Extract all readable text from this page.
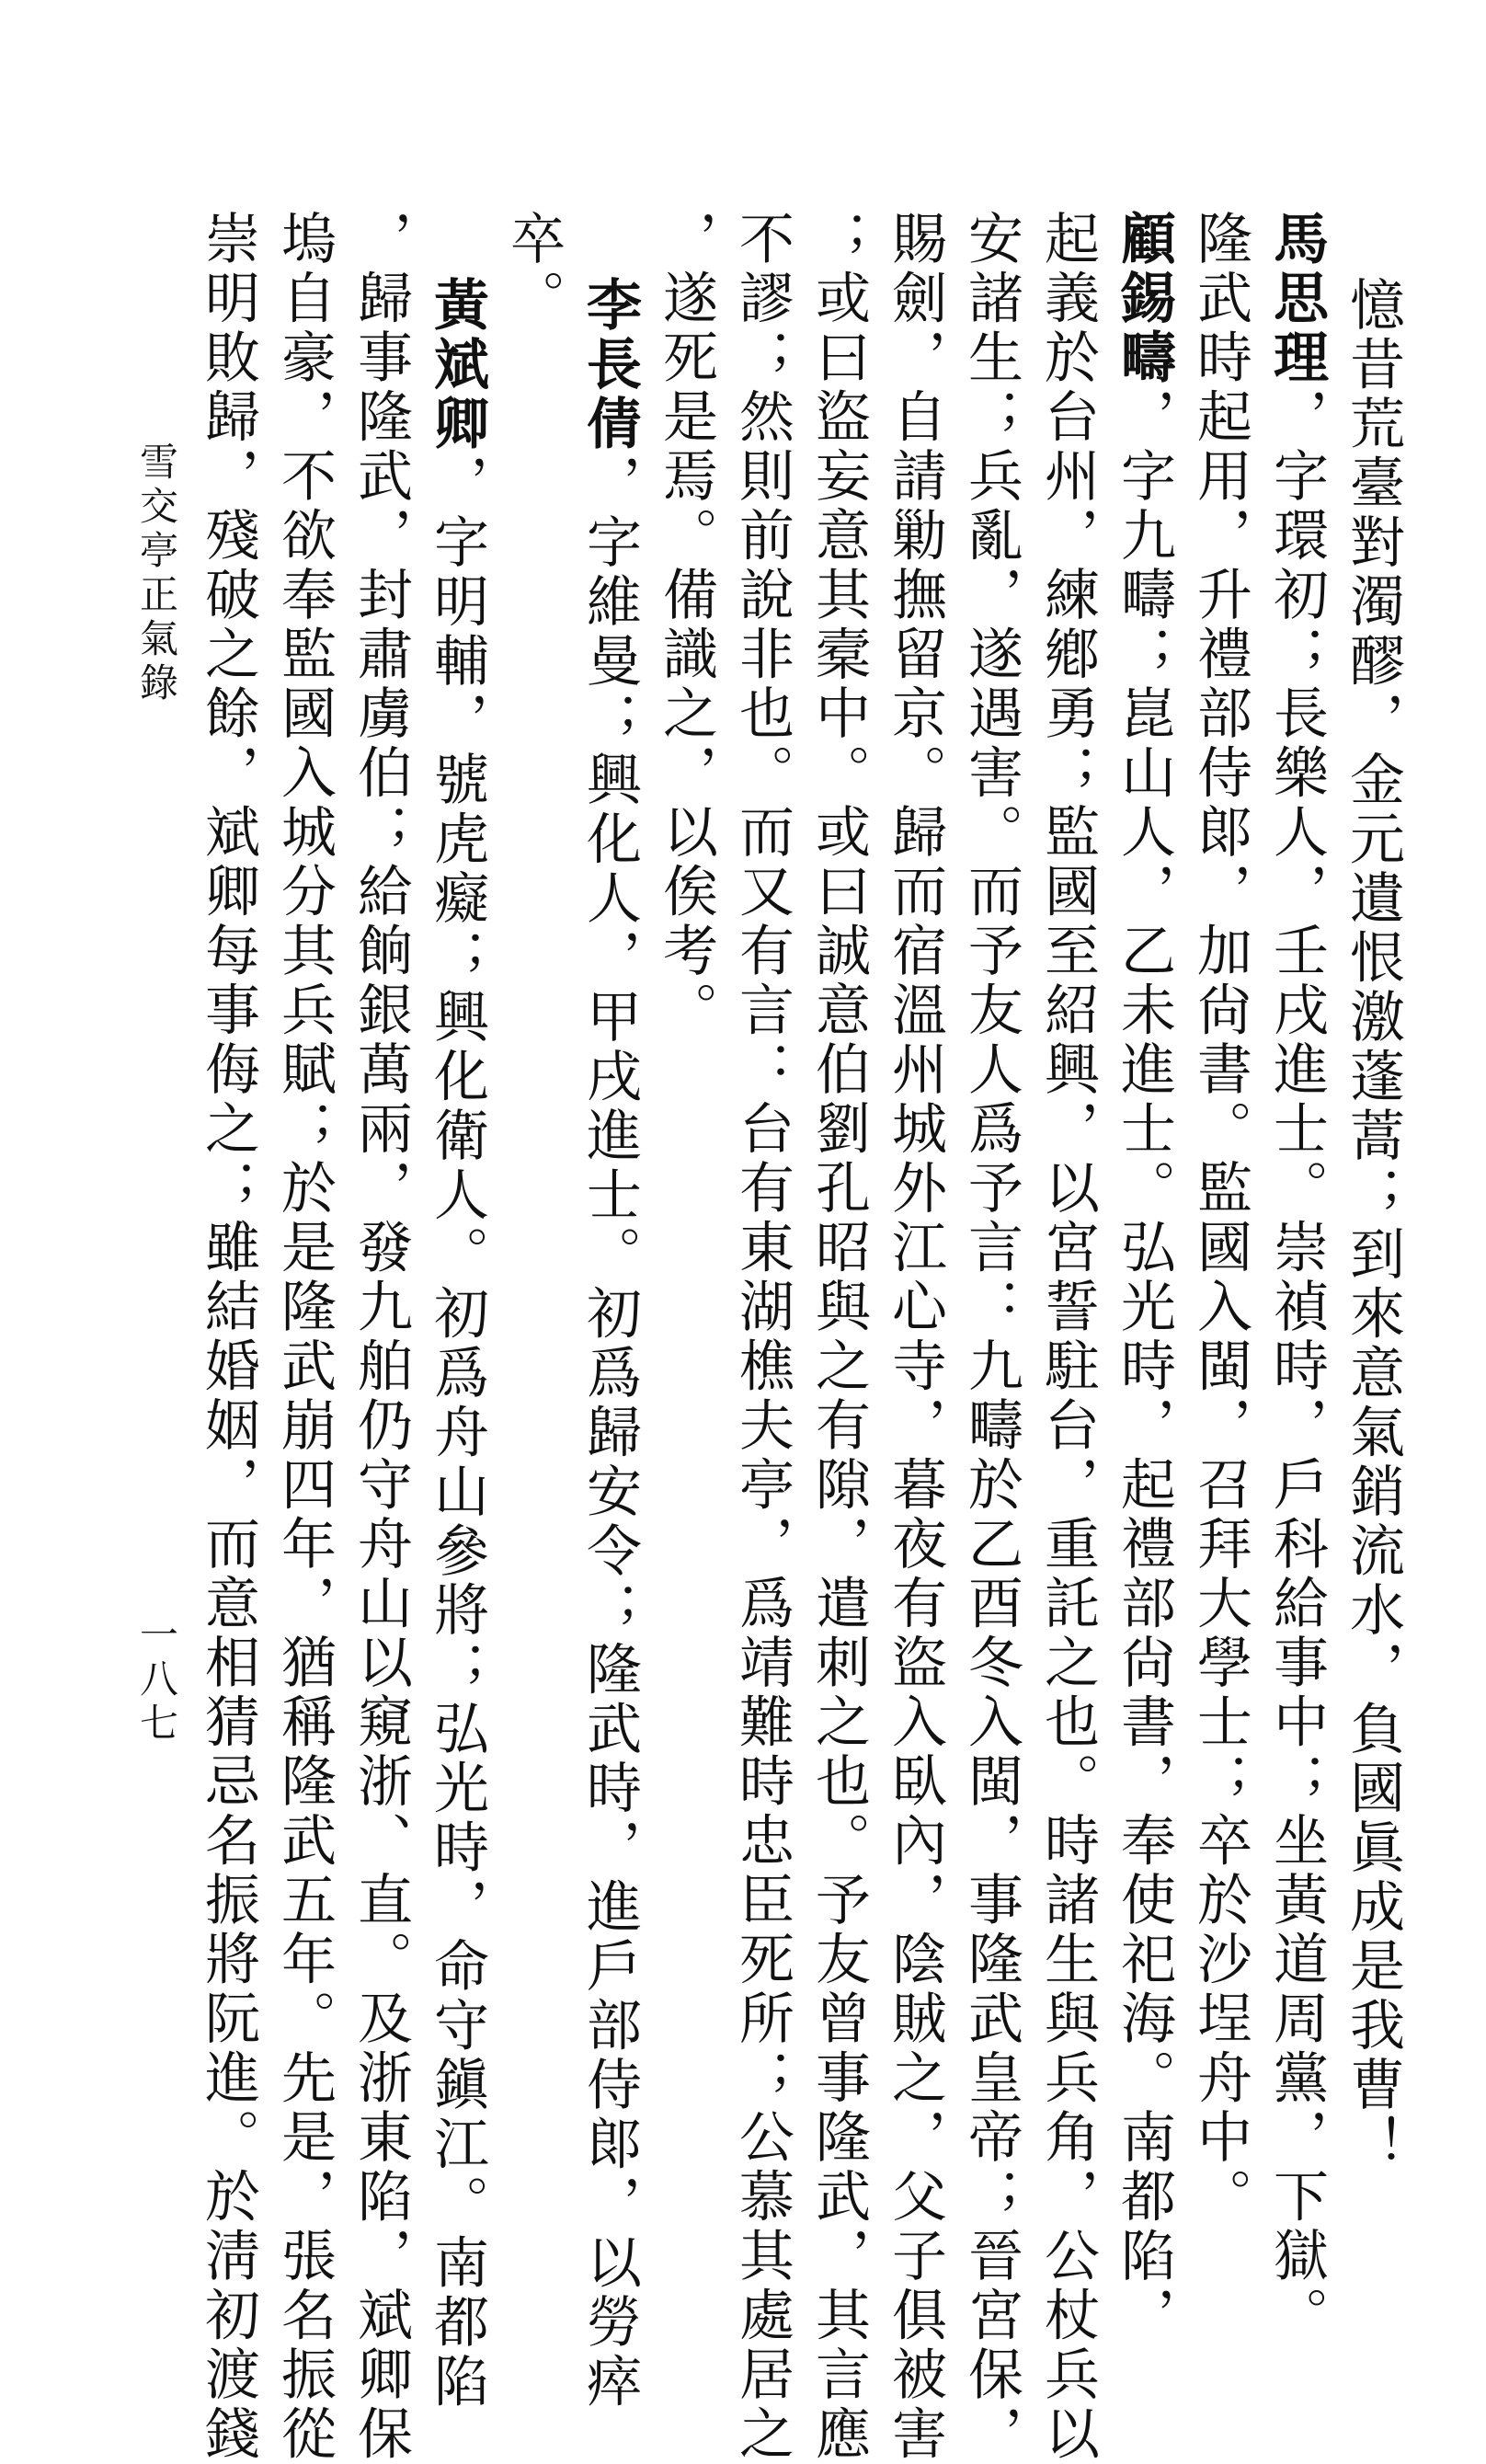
憶昔荒臺對濁醪，金元遺恨激蓬蒿；到來意氣銷流水，負國眞成是我曹！
馬思理，字環初；長樂人，壬戌進士。崇禎時，戶科給事中；坐黃道周黨，下獄。
隆武時起用，升禮部侍郞，加尙書。監國入閩，召拜大學士；卒於沙埕舟中。
顧錫疇，字九疇；崑山人，乙未進士。弘光時，起禮部尙書，奉使祀海。南都陷，
起義於台州，練鄕勇；監國至紹興，以宮誓駐台，重託之也。時諸生與兵角，公杖兵以
安諸生；兵亂，遂遇害。而予友人爲予言：九疇於乙酉冬入閩，事隆武皇帝；晉宮保，
賜劍，自請勦撫留京。歸而宿溫州城外江心寺，暮夜有盜入臥內，陰賊之，父子俱被害
；或曰盜妄意其槖中。或曰誠意伯劉孔昭與之有隙，遣刺之也。予友曾事隆武，其言應
不謬；然則前說非也。而又有言：台有東湖樵夫亭，爲靖難時忠臣死所；公慕其處居之
，遂死是焉。備識之，以俟考。
李長倩，字維曼；興化人，甲戌進士。初爲歸安令；隆武時，進戶部侍郞，以勞瘁
卒。
黃斌卿，字明輔，號虎癡；興化衛人。初爲舟山參將；弘光時，命守鎭江。南都陷
，歸事隆武，封肅虜伯；給餉銀萬兩，發九舶仍守舟山以窺浙、直。及浙東陷，斌卿保
塢自豪，不欲奉監國入城分其兵賦；於是隆武崩四年，猶稱隆武五年。先是，張名振從
崇明敗歸，殘破之餘，斌卿每事侮之；雖結婚姻，而意相猜忌名振將阮進。於淸初渡錢
雪交亭正氣錄
一八七
